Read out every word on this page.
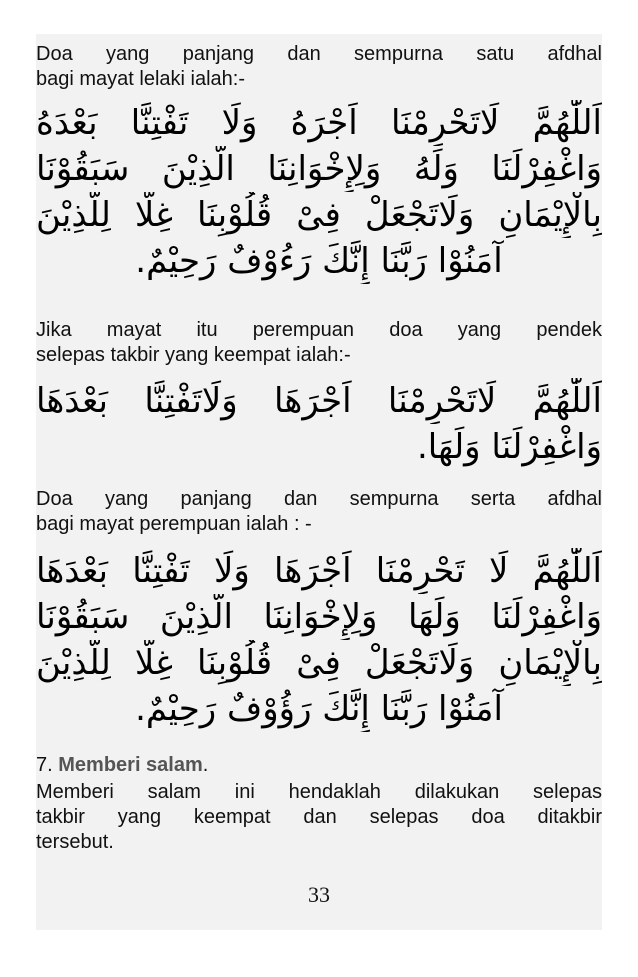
Doa yang panjang dan sempurna satu afdhal
bagi mayat lelaki ialah:-

اَللّٰهُمَّ لَاتَحْرِمْنَا اَجْرَهُ وَلَا تَفْتِنَّا بَعْدَهُ
وَاغْفِرْلَنَا وَلَهُ وَلِإِخْوَانِنَا الَّذِيْنَ سَبَقُوْنَا
بِالْإِيْمَانِ وَلَاتَجْعَلْ فِىْ قُلُوْبِنَا غِلًّا لِلَّذِيْنَ
آمَنُوْا رَبَّنَا إِنَّكَ رَءُوْفٌ رَحِيْمٌ.

Jika mayat itu perempuan doa yang pendek
selepas takbir yang keempat ialah:-

اَللّٰهُمَّ لَاتَحْرِمْنَا اَجْرَهَا وَلَاتَفْتِنَّا بَعْدَهَا
وَاغْفِرْلَنَا وَلَهَا.

Doa yang panjang dan sempurna serta afdhal
bagi mayat perempuan ialah : -

اَللّٰهُمَّ لَا تَحْرِمْنَا اَجْرَهَا وَلَا تَفْتِنَّا بَعْدَهَا
وَاغْفِرْلَنَا وَلَهَا وَلِإِخْوَانِنَا الَّذِيْنَ سَبَقُوْنَا
بِالْإِيْمَانِ وَلَاتَجْعَلْ فِىْ قُلُوْبِنَا غِلًّا لِلَّذِيْنَ
آمَنُوْا رَبَّنَا إِنَّكَ رَؤُوْفٌ رَحِيْمٌ.

7. Memberi salam.

Memberi salam ini hendaklah dilakukan selepas
takbir yang keempat dan selepas doa ditakbir
tersebut.

33
